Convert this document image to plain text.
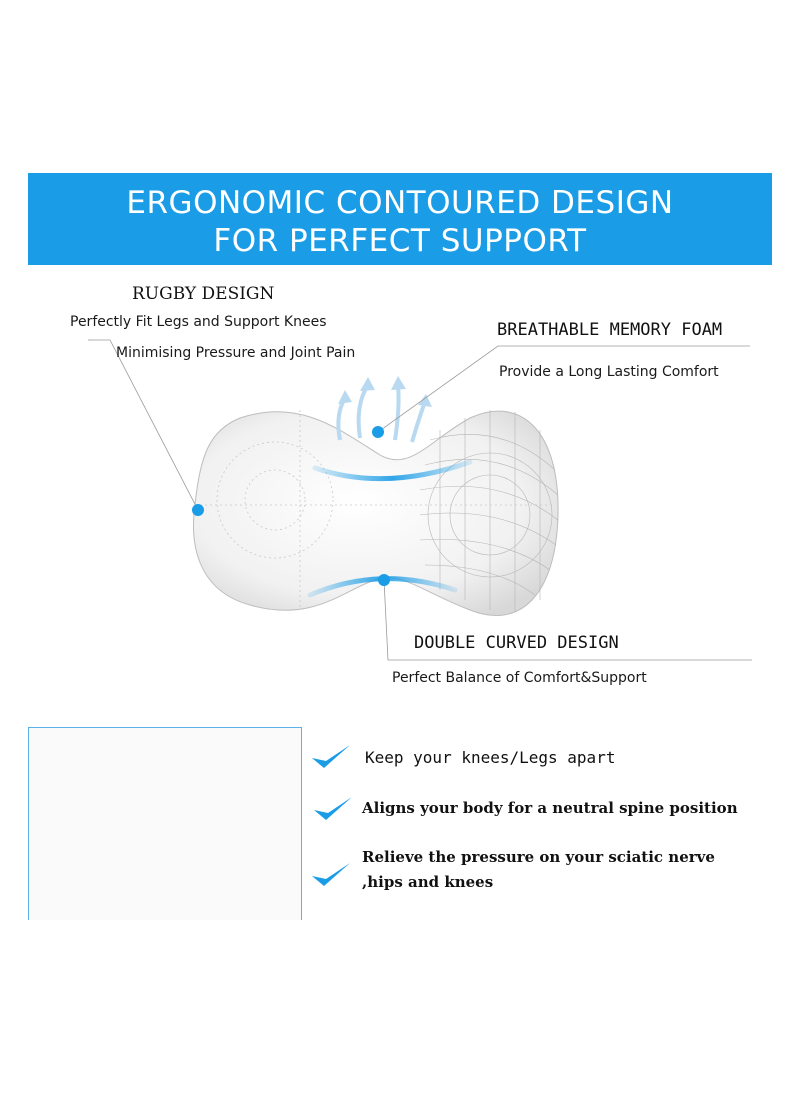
ERGONOMIC CONTOURED DESIGN
FOR PERFECT SUPPORT
RUGBY DESIGN
Perfectly Fit Legs and Support Knees
Minimising Pressure and Joint Pain
BREATHABLE MEMORY FOAM
Provide a Long Lasting Comfort
DOUBLE CURVED DESIGN
Perfect Balance of Comfort&Support
Keep your knees/Legs apart
Aligns your body for a neutral spine position
Relieve the pressure on your sciatic nerve
,hips and knees
